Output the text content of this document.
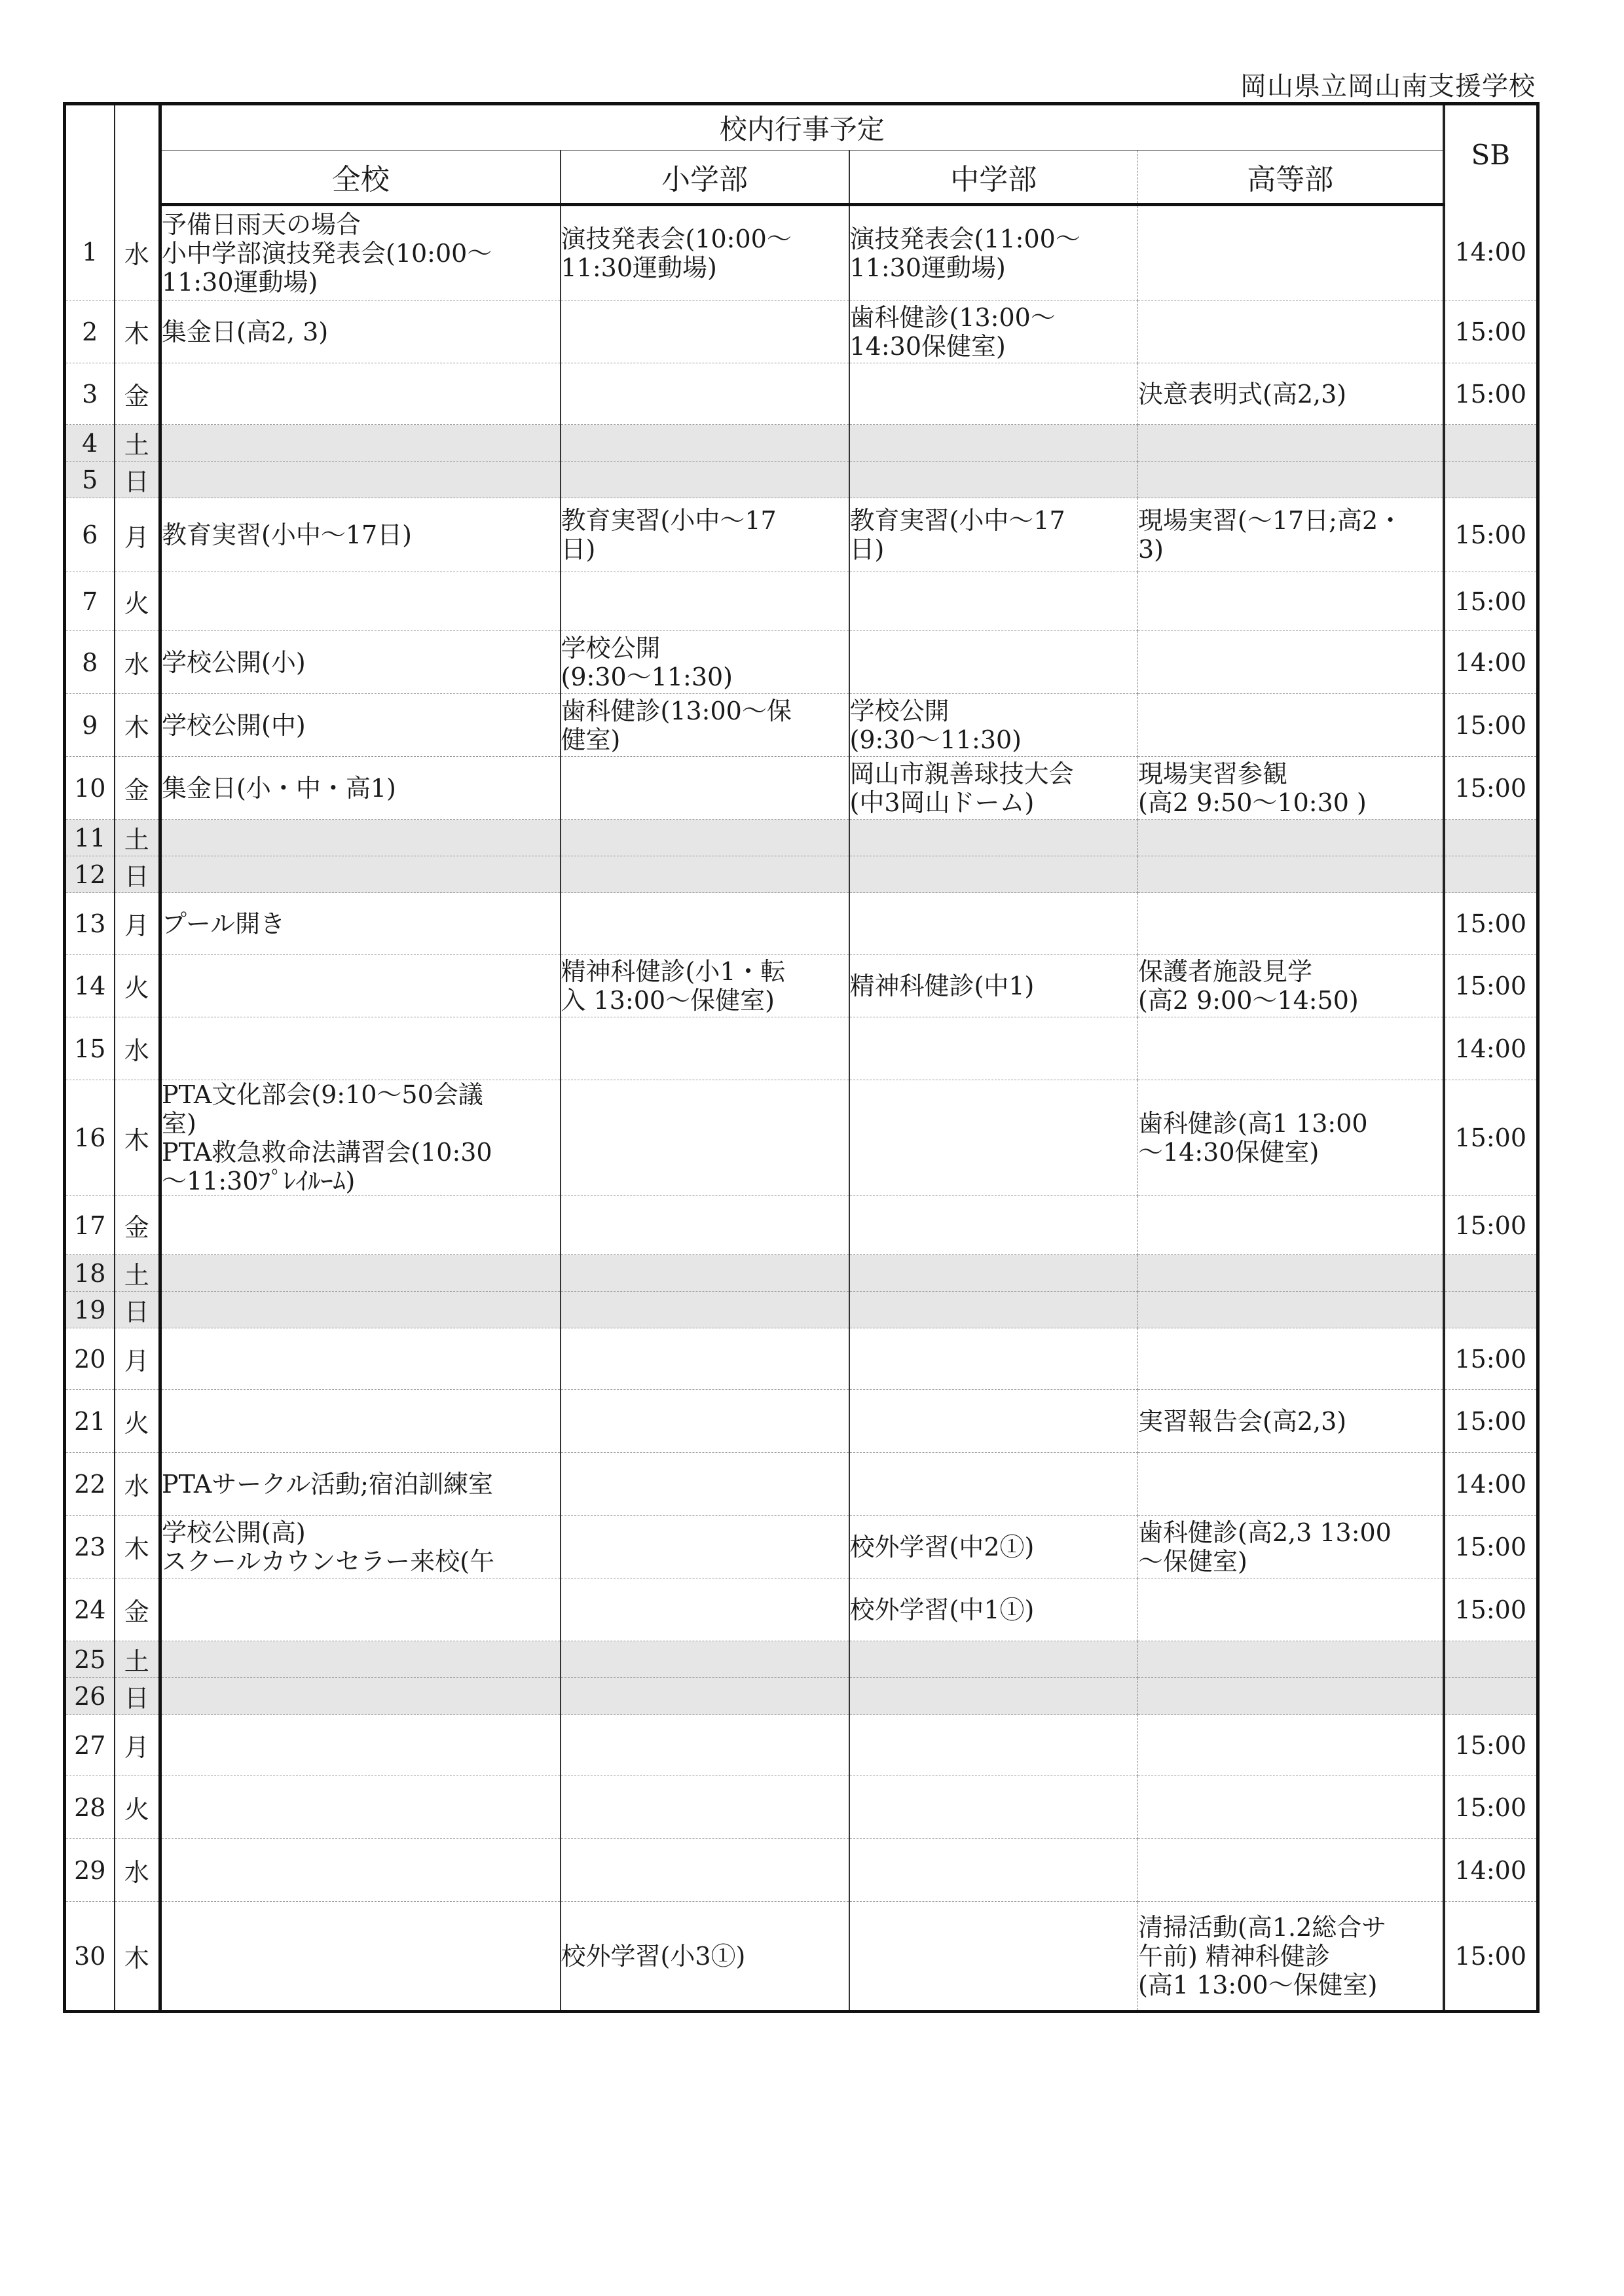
岡山県立岡山南支援学校
		校内行事予定				SB
		全校	小学部	中学部	高等部	
1	水	予備日雨天の場合
小中学部演技発表会(10:00～
11:30運動場)	演技発表会(10:00～
11:30運動場)	演技発表会(11:00～
11:30運動場)		14:00
2	木	集金日(高2, 3)		歯科健診(13:00～
14:30保健室)		15:00
3	金				決意表明式(高2,3)	15:00
4	土					
5	日					
6	月	教育実習(小中～17日)	教育実習(小中～17
日)	教育実習(小中～17
日)	現場実習(～17日;高2・
3)	15:00
7	火					15:00
8	水	学校公開(小)	学校公開
(9:30～11:30)			14:00
9	木	学校公開(中)	歯科健診(13:00～保
健室)	学校公開
(9:30～11:30)		15:00
10	金	集金日(小・中・高1)		岡山市親善球技大会
(中3岡山ドーム)	現場実習参観
(高2 9:50～10:30 )	15:00
11	土					
12	日					
13	月	プール開き				15:00
14	火		精神科健診(小1・転
入 13:00～保健室)	精神科健診(中1)	保護者施設見学
(高2 9:00～14:50)	15:00
15	水					14:00
16	木	PTA文化部会(9:10～50会議
室)
PTA救急救命法講習会(10:30
～11:30ﾌﾟﾚｲﾙｰﾑ)			歯科健診(高1 13:00
～14:30保健室)	15:00
17	金					15:00
18	土					
19	日					
20	月					15:00
21	火				実習報告会(高2,3)	15:00
22	水	PTAサークル活動;宿泊訓練室				14:00
23	木	学校公開(高)
スクールカウンセラー来校(午		校外学習(中2①)	歯科健診(高2,3 13:00
～保健室)	15:00
24	金			校外学習(中1①)		15:00
25	土					
26	日					
27	月					15:00
28	火					15:00
29	水					14:00
30	木		校外学習(小3①)		清掃活動(高1.2総合サ
午前) 精神科健診
(高1 13:00～保健室)	15:00
